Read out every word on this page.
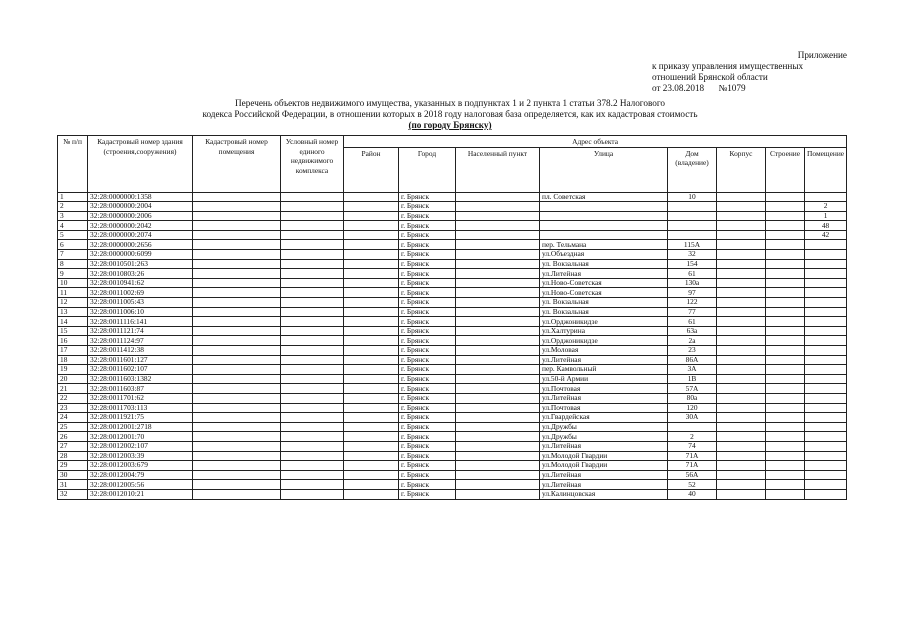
Приложение
к приказу управления имущественных
отношений Брянской области
от 23.08.2018 №1079
Перечень объектов недвижимого имущества, указанных в подпунктах 1 и 2 пункта 1 статьи 378.2 Налогового
кодекса Российской Федерации, в отношении которых в 2018 году налоговая база определяется, как их кадастровая стоимость
(по городу Брянску)
№ п/п	Кадастровый номер здания (строения,сооружения)	Кадастровый номер помещения	Условный номер единого недвижимого комплекса	Адрес объекта							
				Район	Город	Населенный пункт	Улица	Дом (владение)	Корпус	Строение	Помещение
1	32:28:0000000:1358				г. Брянск		пл. Советская	10			
2	32:28:0000000:2004				г. Брянск						2
3	32:28:0000000:2006				г. Брянск						1
4	32:28:0000000:2042				г. Брянск						48
5	32:28:0000000:2074				г. Брянск						42
6	32:28:0000000:2656				г. Брянск		пер. Тельмана	115А			
7	32:28:0000000:6099				г. Брянск		ул.Объездная	32			
8	32:28:0010501:263				г. Брянск		ул. Вокзальная	154			
9	32:28:0010803:26				г. Брянск		ул.Литейная	61			
10	32:28:0010941:62				г. Брянск		ул.Ново-Советская	130а			
11	32:28:0011002:69				г. Брянск		ул.Ново-Советская	97			
12	32:28:0011005:43				г. Брянск		ул. Вокзальная	122			
13	32:28:0011006:10				г. Брянск		ул. Вокзальная	77			
14	32:28:0011116:141				г. Брянск		ул.Орджоникидзе	61			
15	32:28:0011121:74				г. Брянск		ул.Халтурина	63а			
16	32:28:0011124:97				г. Брянск		ул.Орджоникидзе	2а			
17	32:28:0011412:38				г. Брянск		ул.Моловая	23			
18	32:28:0011601:127				г. Брянск		ул.Литейная	86А			
19	32:28:0011602:107				г. Брянск		пер. Камвольный	3А			
20	32:28:0011603:1382				г. Брянск		ул.50-й Армии	1В			
21	32:28:0011603:87				г. Брянск		ул.Почтовая	57А			
22	32:28:0011701:62				г. Брянск		ул.Литейная	80а			
23	32:28:0011703:113				г. Брянск		ул.Почтовая	120			
24	32:28:0011921:75				г. Брянск		ул.Гвардейская	30А			
25	32:28:0012001:2718				г. Брянск		ул.Дружбы				
26	32:28:0012001:70				г. Брянск		ул.Дружбы	2			
27	32:28:0012002:107				г. Брянск		ул.Литейная	74			
28	32:28:0012003:39				г. Брянск		ул.Молодой Гвардии	71А			
29	32:28:0012003:679				г. Брянск		ул.Молодой Гвардии	71А			
30	32:28:0012004:79				г. Брянск		ул.Литейная	56А			
31	32:28:0012005:56				г. Брянск		ул.Литейная	52			
32	32:28:0012010:21				г. Брянск		ул.Калинцовская	40			
